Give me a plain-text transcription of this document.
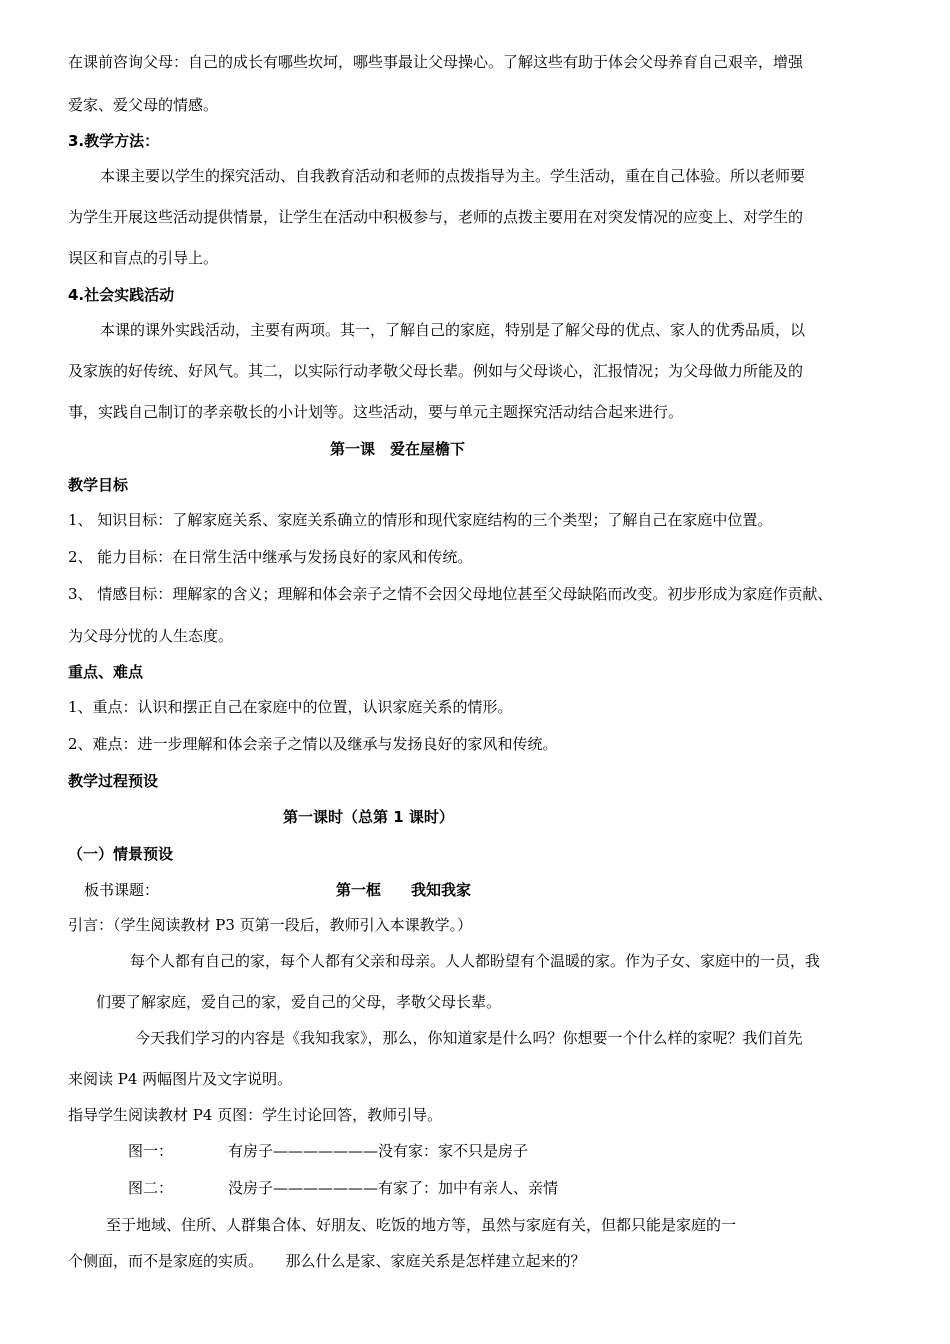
在课前咨询父母：自己的成长有哪些坎坷，哪些事最让父母操心。了解这些有助于体会父母养育自己艰辛，增强
爱家、爱父母的情感。
3.教学方法：
本课主要以学生的探究活动、自我教育活动和老师的点拨指导为主。学生活动，重在自己体验。所以老师要
为学生开展这些活动提供情景，让学生在活动中积极参与，老师的点拨主要用在对突发情况的应变上、对学生的
误区和盲点的引导上。
4.社会实践活动
本课的课外实践活动，主要有两项。其一，了解自己的家庭，特别是了解父母的优点、家人的优秀品质，以
及家族的好传统、好风气。其二，以实际行动孝敬父母长辈。例如与父母谈心，汇报情况；为父母做力所能及的
事，实践自己制订的孝亲敬长的小计划等。这些活动，要与单元主题探究活动结合起来进行。
第一课　爱在屋檐下
教学目标
1、 知识目标：了解家庭关系、家庭关系确立的情形和现代家庭结构的三个类型；了解自己在家庭中位置。
2、 能力目标：在日常生活中继承与发扬良好的家风和传统。
3、 情感目标：理解家的含义；理解和体会亲子之情不会因父母地位甚至父母缺陷而改变。初步形成为家庭作贡献、
为父母分忧的人生态度。
重点、难点
1、重点：认识和摆正自己在家庭中的位置，认识家庭关系的情形。
2、难点：进一步理解和体会亲子之情以及继承与发扬良好的家风和传统。
教学过程预设
第一课时（总第 1 课时）
（一）情景预设
板书课题：	第一框　　我知我家
引言：（学生阅读教材 P3 页第一段后，教师引入本课教学。）
每个人都有自己的家，每个人都有父亲和母亲。人人都盼望有个温暖的家。作为子女、家庭中的一员，我
们要了解家庭，爱自己的家，爱自己的父母，孝敬父母长辈。
今天我们学习的内容是《我知我家》，那么，你知道家是什么吗？你想要一个什么样的家呢？我们首先
来阅读 P4 两幅图片及文字说明。
指导学生阅读教材 P4 页图：学生讨论回答，教师引导。
图一：	有房子———————没有家：家不只是房子
图二：	没房子———————有家了：加中有亲人、亲情
至于地域、住所、人群集合体、好朋友、吃饭的地方等，虽然与家庭有关，但都只能是家庭的一
个侧面，而不是家庭的实质。　　那么什么是家、家庭关系是怎样建立起来的？
